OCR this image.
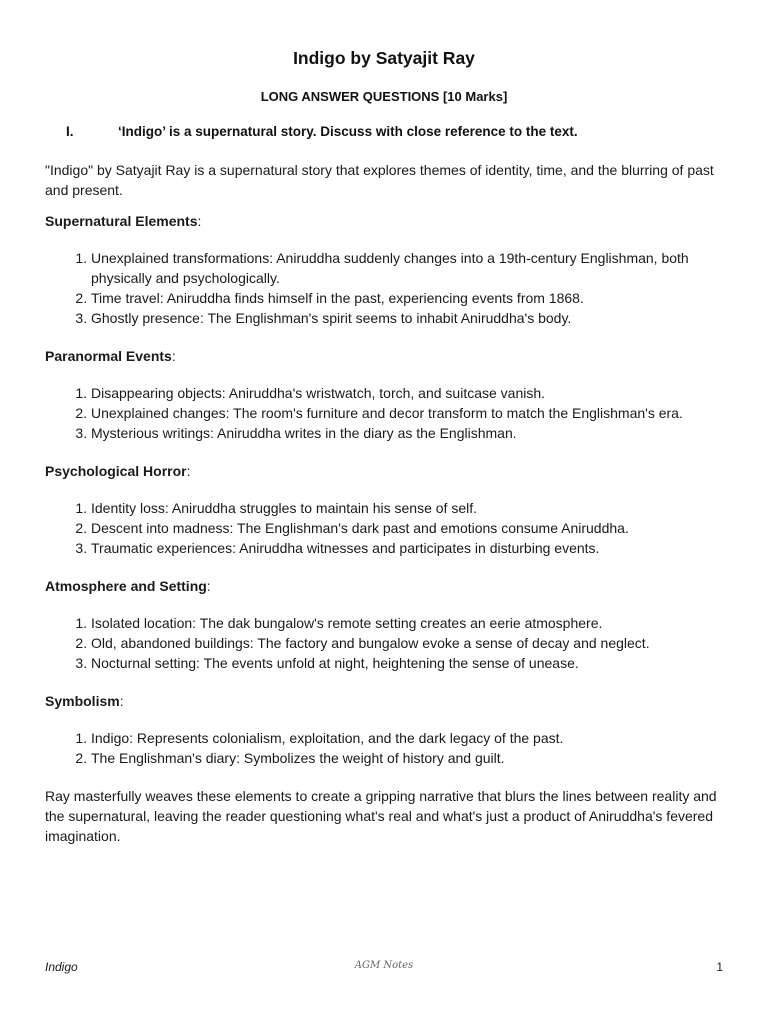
Indigo by Satyajit Ray
LONG ANSWER QUESTIONS [10 Marks]
I.	‘Indigo’ is a supernatural story. Discuss with close reference to the text.

"Indigo" by Satyajit Ray is a supernatural story that explores themes of identity, time, and the blurring of past and present.

Supernatural Elements:

1. Unexplained transformations: Aniruddha suddenly changes into a 19th-century Englishman, both physically and psychologically.
2. Time travel: Aniruddha finds himself in the past, experiencing events from 1868.
3. Ghostly presence: The Englishman's spirit seems to inhabit Aniruddha's body.

Paranormal Events:

1. Disappearing objects: Aniruddha's wristwatch, torch, and suitcase vanish.
2. Unexplained changes: The room's furniture and decor transform to match the Englishman's era.
3. Mysterious writings: Aniruddha writes in the diary as the Englishman.

Psychological Horror:

1. Identity loss: Aniruddha struggles to maintain his sense of self.
2. Descent into madness: The Englishman's dark past and emotions consume Aniruddha.
3. Traumatic experiences: Aniruddha witnesses and participates in disturbing events.

Atmosphere and Setting:

1. Isolated location: The dak bungalow's remote setting creates an eerie atmosphere.
2. Old, abandoned buildings: The factory and bungalow evoke a sense of decay and neglect.
3. Nocturnal setting: The events unfold at night, heightening the sense of unease.

Symbolism:

1. Indigo: Represents colonialism, exploitation, and the dark legacy of the past.
2. The Englishman's diary: Symbolizes the weight of history and guilt.

Ray masterfully weaves these elements to create a gripping narrative that blurs the lines between reality and the supernatural, leaving the reader questioning what's real and what's just a product of Aniruddha's fevered imagination.

Indigo	AGM Notes	1
